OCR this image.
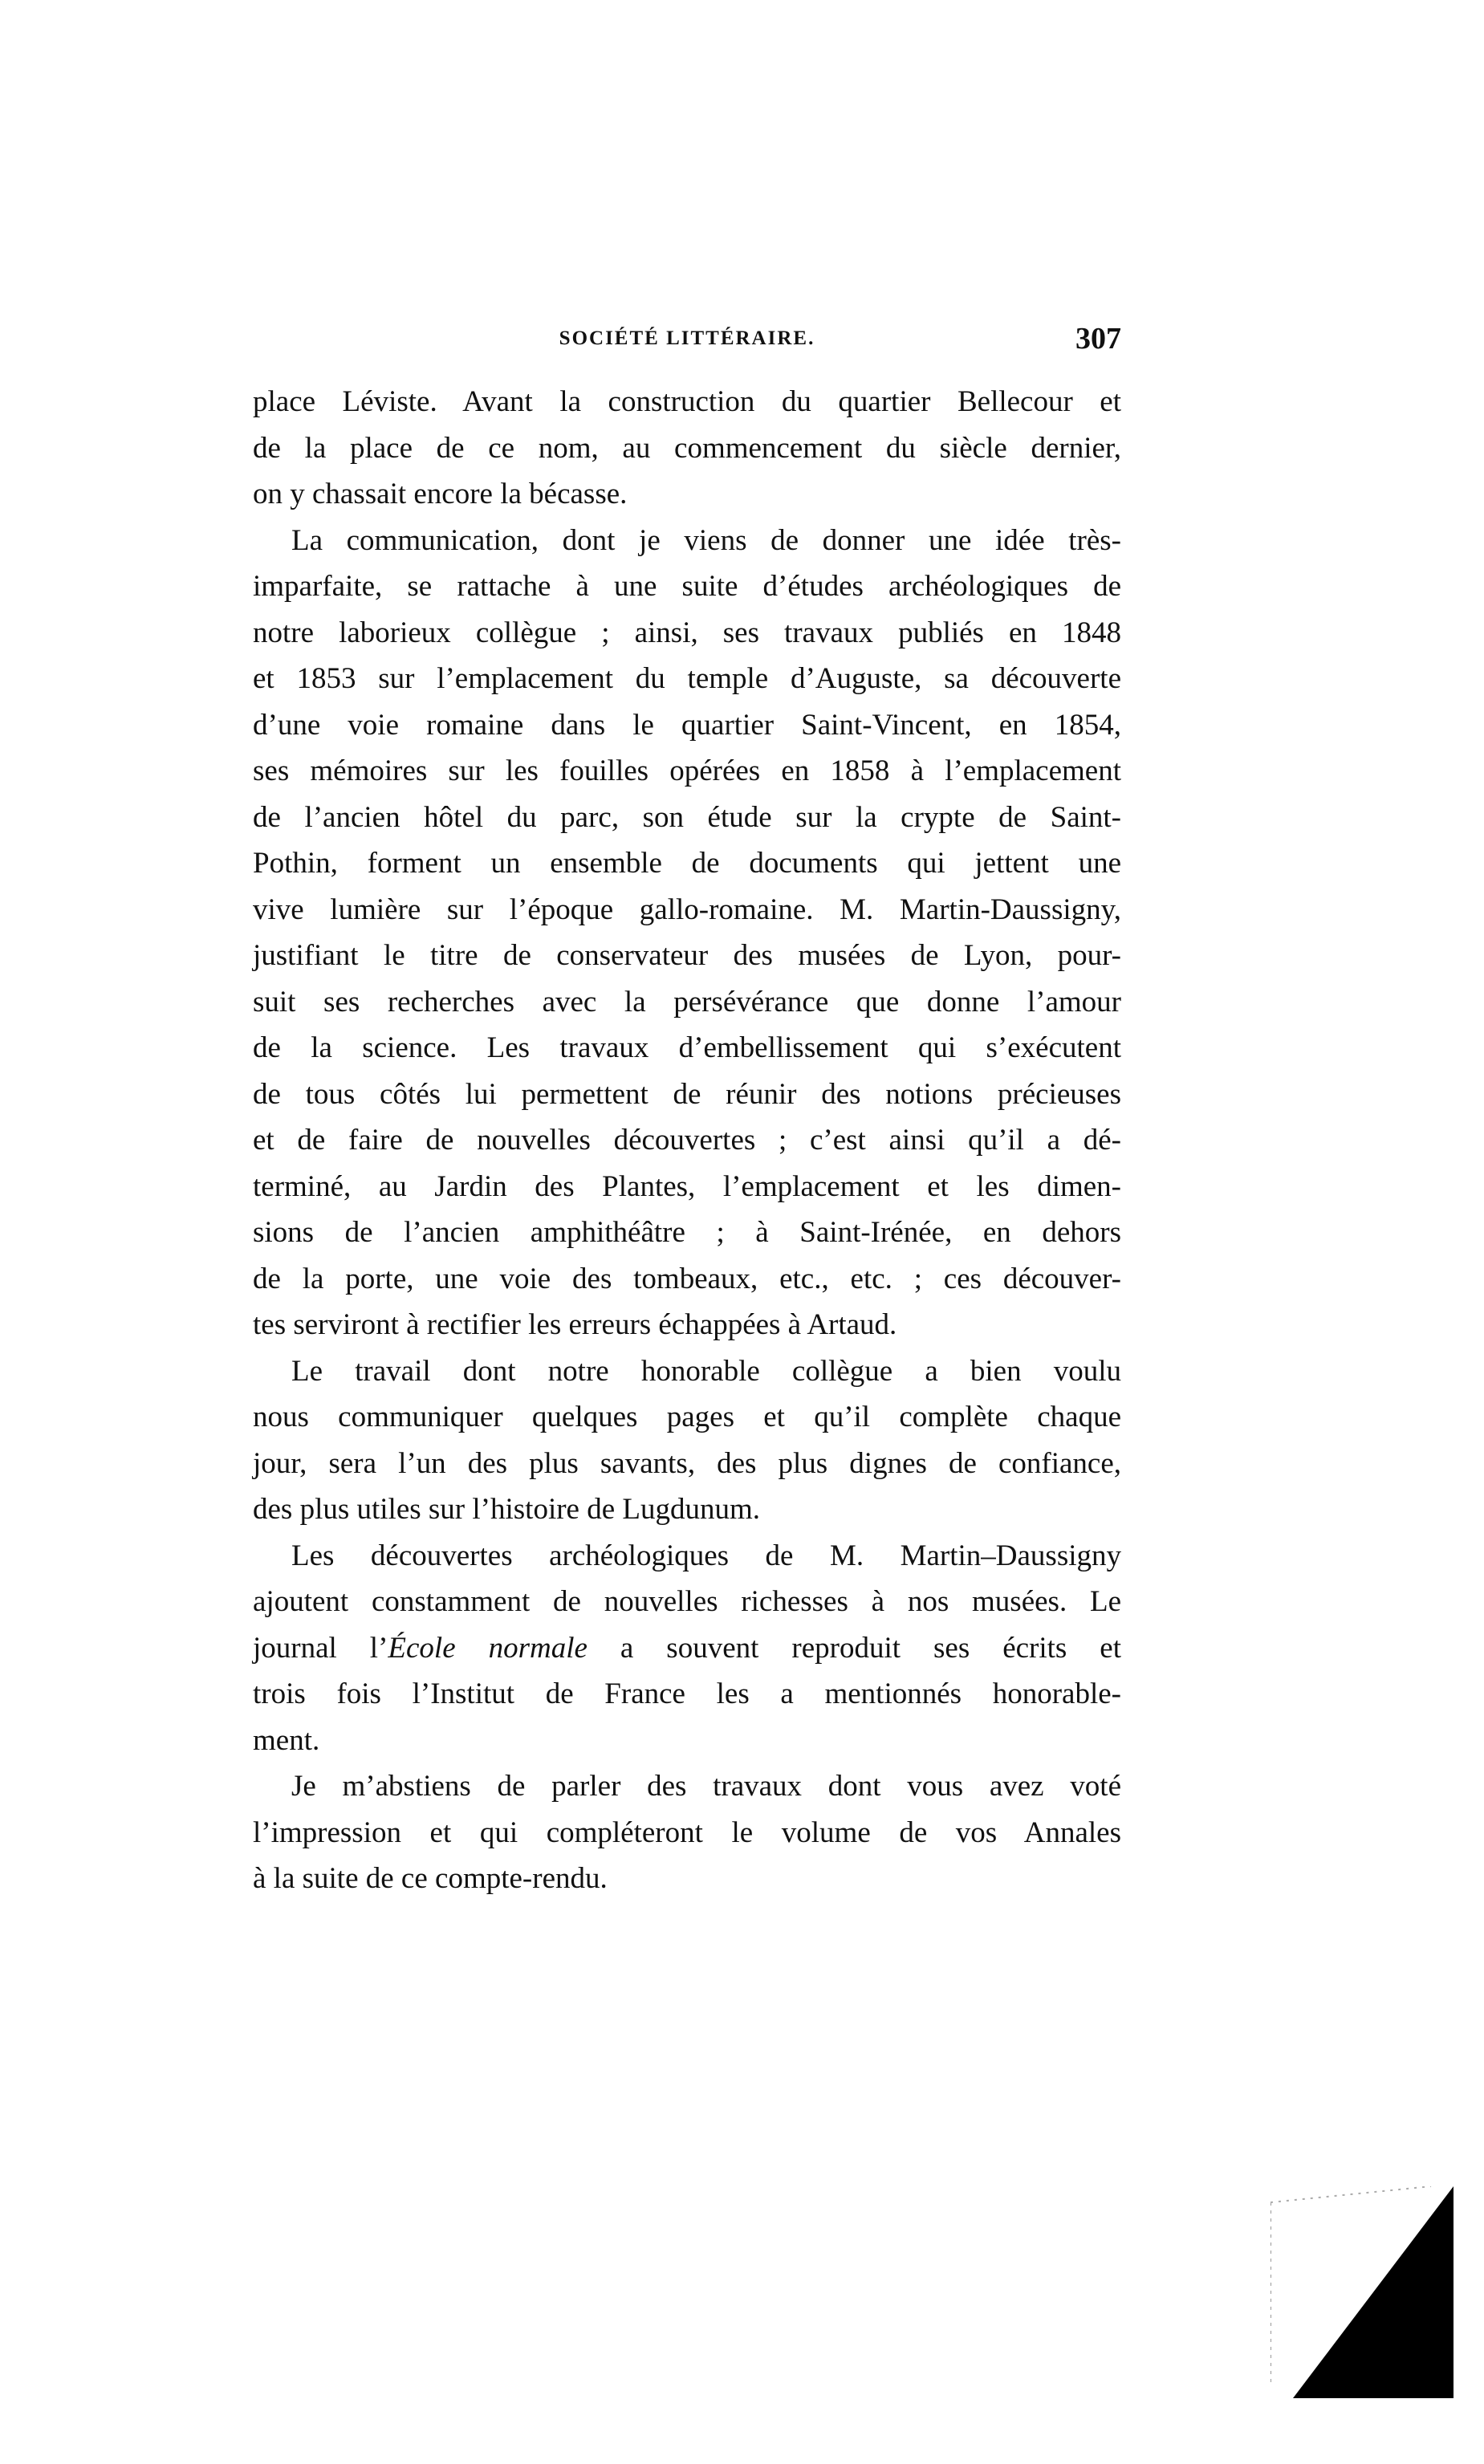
SOCIÉTÉ LITTÉRAIRE.	307
place Léviste. Avant la construction du quartier Bellecour et
de la place de ce nom, au commencement du siècle dernier,
on y chassait encore la bécasse.
La communication, dont je viens de donner une idée très-
imparfaite, se rattache à une suite d’études archéologiques de
notre laborieux collègue ; ainsi, ses travaux publiés en 1848
et 1853 sur l’emplacement du temple d’Auguste, sa découverte
d’une voie romaine dans le quartier Saint-Vincent, en 1854,
ses mémoires sur les fouilles opérées en 1858 à l’emplacement
de l’ancien hôtel du parc, son étude sur la crypte de Saint-
Pothin, forment un ensemble de documents qui jettent une
vive lumière sur l’époque gallo-romaine. M. Martin-Daussigny,
justifiant le titre de conservateur des musées de Lyon, pour-
suit ses recherches avec la persévérance que donne l’amour
de la science. Les travaux d’embellissement qui s’exécutent
de tous côtés lui permettent de réunir des notions précieuses
et de faire de nouvelles découvertes ; c’est ainsi qu’il a dé-
terminé, au Jardin des Plantes, l’emplacement et les dimen-
sions de l’ancien amphithéâtre ; à Saint-Irénée, en dehors
de la porte, une voie des tombeaux, etc., etc. ; ces découver-
tes serviront à rectifier les erreurs échappées à Artaud.
Le travail dont notre honorable collègue a bien voulu
nous communiquer quelques pages et qu’il complète chaque
jour, sera l’un des plus savants, des plus dignes de confiance,
des plus utiles sur l’histoire de Lugdunum.
Les découvertes archéologiques de M. Martin–Daussigny
ajoutent constamment de nouvelles richesses à nos musées. Le
journal l’École normale a souvent reproduit ses écrits et
trois fois l’Institut de France les a mentionnés honorable-
ment.
Je m’abstiens de parler des travaux dont vous avez voté
l’impression et qui compléteront le volume de vos Annales
à la suite de ce compte-rendu.
